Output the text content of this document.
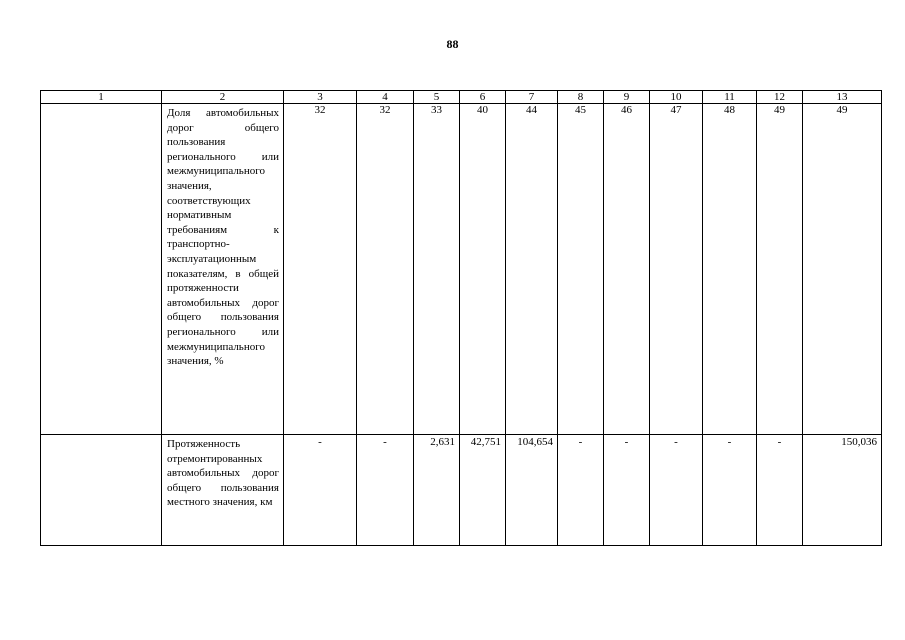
88
1	2	3	4	5	6	7	8	9	10	11	12	13
	Доля автомобильных дорог общего пользования регионального или межмуниципального значения, соответствующих нормативным требованиям к транспортно-эксплуатационным показателям, в общей протяженности автомобильных дорог общего пользования регионального или межмуниципального значения, %	32	32	33	40	44	45	46	47	48	49	49
	Протяженность отремонтированных автомобильных дорог общего пользования местного значения, км	-	-	2,631	42,751	104,654	-	-	-	-	-	150,036
